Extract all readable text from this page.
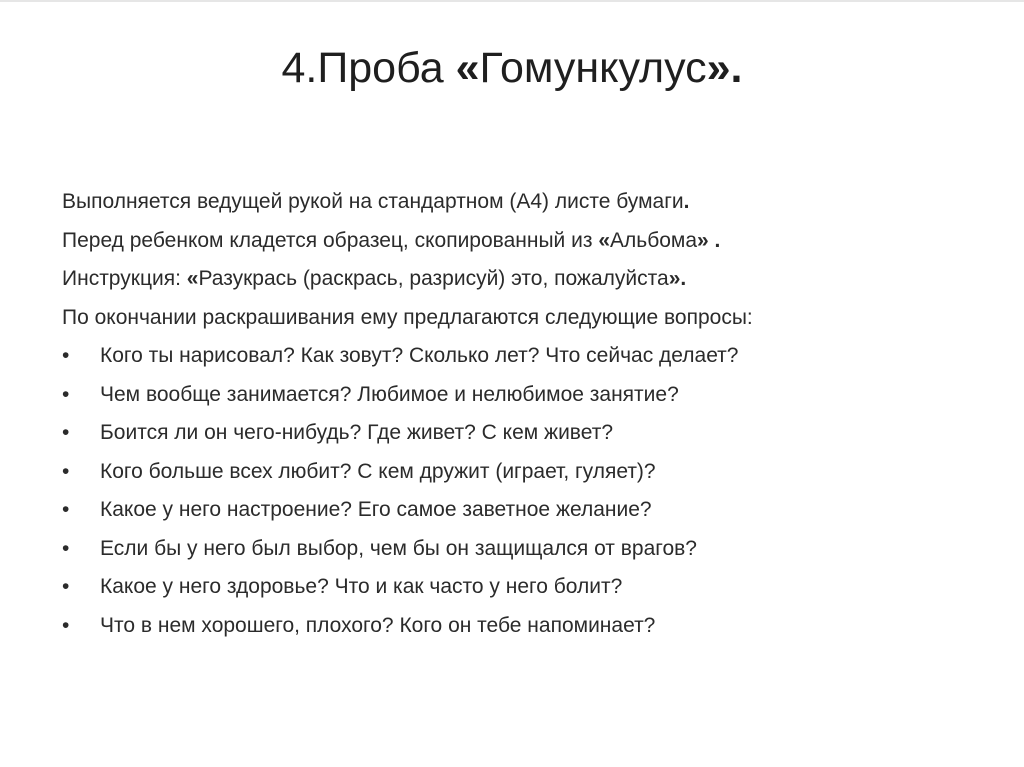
4.Проба «Гомункулус».
Выполняется ведущей рукой на стандартном (А4) листе бумаги.
Перед ребенком кладется образец, скопированный из «Альбома» .
Инструкция: «Разукрась (раскрась, разрисуй) это, пожалуйста».
По окончании раскрашивания ему предлагаются следующие вопросы:
•	Кого ты нарисовал? Как зовут? Сколько лет? Что сейчас делает?
•	Чем вообще занимается? Любимое и нелюбимое занятие?
•	Боится ли он чего-нибудь? Где живет? С кем живет?
•	Кого больше всех любит? С кем дружит (играет, гуляет)?
•	Какое у него настроение? Его самое заветное желание?
•	Если бы у него был выбор, чем бы он защищался от врагов?
•	Какое у него здоровье? Что и как часто у него болит?
•	Что в нем хорошего, плохого? Кого он тебе напоминает?
